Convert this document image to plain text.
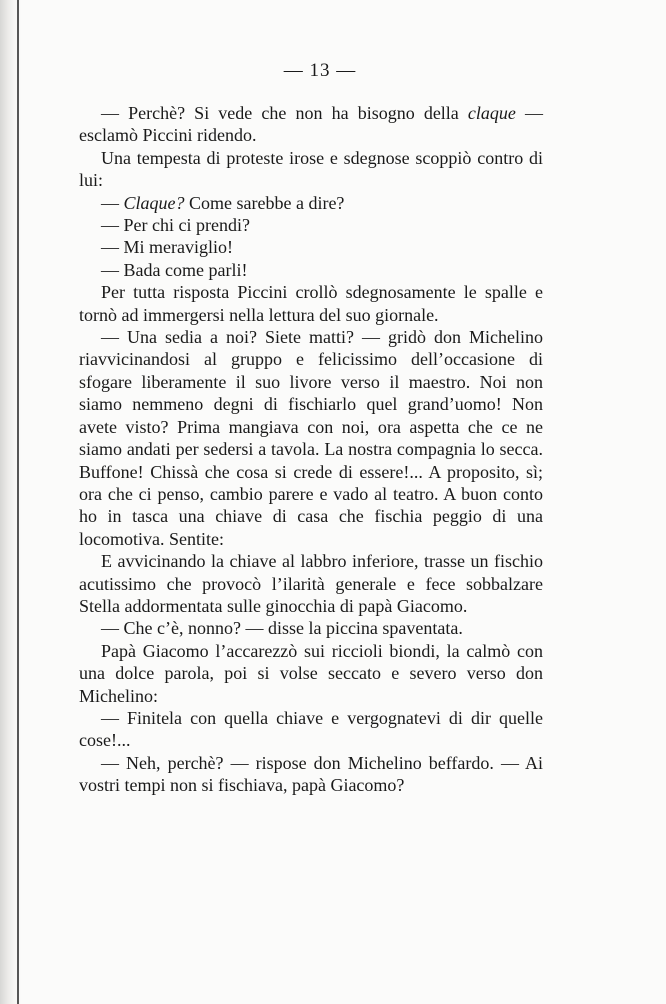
— 13 —

— Perchè? Si vede che non ha bisogno della claque — esclamò Piccini ridendo.

Una tempesta di proteste irose e sdegnose scoppiò contro di lui:

— Claque? Come sarebbe a dire?

— Per chi ci prendi?

— Mi meraviglio!

— Bada come parli!

Per tutta risposta Piccini crollò sdegnosamente le spalle e tornò ad immergersi nella lettura del suo giornale.

— Una sedia a noi? Siete matti? — gridò don Michelino riavvicinandosi al gruppo e felicissimo dell’occasione di sfogare liberamente il suo livore verso il maestro. Noi non siamo nemmeno degni di fischiarlo quel grand’uomo! Non avete visto? Prima mangiava con noi, ora aspetta che ce ne siamo andati per sedersi a tavola. La nostra compagnia lo secca. Buffone! Chissà che cosa si crede di essere!... A proposito, sì; ora che ci penso, cambio parere e vado al teatro. A buon conto ho in tasca una chiave di casa che fischia peggio di una locomotiva. Sentite:

E avvicinando la chiave al labbro inferiore, trasse un fischio acutissimo che provocò l’ilarità generale e fece sobbalzare Stella addormentata sulle ginocchia di papà Giacomo.

— Che c’è, nonno? — disse la piccina spaventata.

Papà Giacomo l’accarezzò sui riccioli biondi, la calmò con una dolce parola, poi si volse seccato e severo verso don Michelino:

— Finitela con quella chiave e vergognatevi di dir quelle cose!...

— Neh, perchè? — rispose don Michelino beffardo. — Ai vostri tempi non si fischiava, papà Giacomo?
